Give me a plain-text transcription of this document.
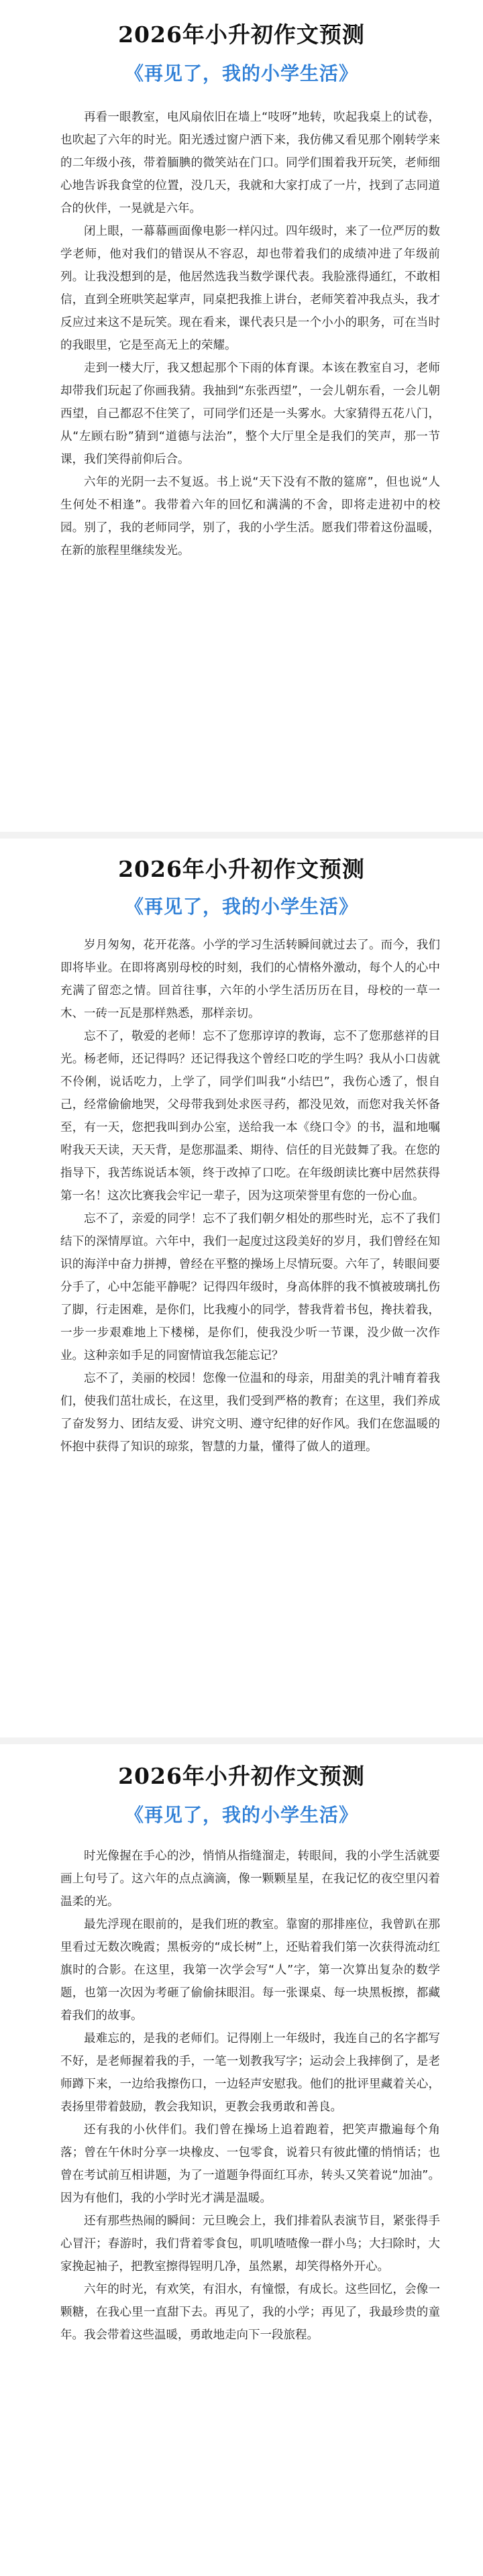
2026年小升初作文预测
《再见了，我的小学生活》

再看一眼教室，电风扇依旧在墙上“吱呀”地转，吹起我桌上的试卷，也吹起了六年的时光。阳光透过窗户洒下来，我仿佛又看见那个刚转学来的二年级小孩，带着腼腆的微笑站在门口。同学们围着我开玩笑，老师细心地告诉我食堂的位置，没几天，我就和大家打成了一片，找到了志同道合的伙伴，一晃就是六年。

闭上眼，一幕幕画面像电影一样闪过。四年级时，来了一位严厉的数学老师，他对我们的错误从不容忍，却也带着我们的成绩冲进了年级前列。让我没想到的是，他居然选我当数学课代表。我脸涨得通红，不敢相信，直到全班哄笑起掌声，同桌把我推上讲台，老师笑着冲我点头，我才反应过来这不是玩笑。现在看来，课代表只是一个小小的职务，可在当时的我眼里，它是至高无上的荣耀。

走到一楼大厅，我又想起那个下雨的体育课。本该在教室自习，老师却带我们玩起了你画我猜。我抽到“东张西望”，一会儿朝东看，一会儿朝西望，自己都忍不住笑了，可同学们还是一头雾水。大家猜得五花八门，从“左顾右盼”猜到“道德与法治”，整个大厅里全是我们的笑声，那一节课，我们笑得前仰后合。

六年的光阴一去不复返。书上说“天下没有不散的筵席”，但也说“人生何处不相逢”。我带着六年的回忆和满满的不舍，即将走进初中的校园。别了，我的老师同学，别了，我的小学生活。愿我们带着这份温暖，在新的旅程里继续发光。

2026年小升初作文预测
《再见了，我的小学生活》

岁月匆匆，花开花落。小学的学习生活转瞬间就过去了。而今，我们即将毕业。在即将离别母校的时刻，我们的心情格外激动，每个人的心中充满了留恋之情。回首往事，六年的小学生活历历在目，母校的一草一木、一砖一瓦是那样熟悉，那样亲切。

忘不了，敬爱的老师！忘不了您那谆谆的教诲，忘不了您那慈祥的目光。杨老师，还记得吗？还记得我这个曾经口吃的学生吗？我从小口齿就不伶俐，说话吃力，上学了，同学们叫我“小结巴”，我伤心透了，恨自己，经常偷偷地哭，父母带我到处求医寻药，都没见效，而您对我关怀备至，有一天，您把我叫到办公室，送给我一本《绕口令》的书，温和地嘱咐我天天读，天天背，是您那温柔、期待、信任的目光鼓舞了我。在您的指导下，我苦练说话本领，终于改掉了口吃。在年级朗读比赛中居然获得第一名！这次比赛我会牢记一辈子，因为这项荣誉里有您的一份心血。

忘不了，亲爱的同学！忘不了我们朝夕相处的那些时光，忘不了我们结下的深情厚谊。六年中，我们一起度过这段美好的岁月，我们曾经在知识的海洋中奋力拼搏，曾经在平整的操场上尽情玩耍。六年了，转眼间要分手了，心中怎能平静呢？记得四年级时，身高体胖的我不慎被玻璃扎伤了脚，行走困难，是你们，比我瘦小的同学，替我背着书包，搀扶着我，一步一步艰难地上下楼梯，是你们，使我没少听一节课，没少做一次作业。这种亲如手足的同窗情谊我怎能忘记？

忘不了，美丽的校园！您像一位温和的母亲，用甜美的乳汁哺育着我们，使我们茁壮成长，在这里，我们受到严格的教育；在这里，我们养成了奋发努力、团结友爱、讲究文明、遵守纪律的好作风。我们在您温暖的怀抱中获得了知识的琼浆，智慧的力量，懂得了做人的道理。

2026年小升初作文预测
《再见了，我的小学生活》

时光像握在手心的沙，悄悄从指缝溜走，转眼间，我的小学生活就要画上句号了。这六年的点点滴滴，像一颗颗星星，在我记忆的夜空里闪着温柔的光。

最先浮现在眼前的，是我们班的教室。靠窗的那排座位，我曾趴在那里看过无数次晚霞；黑板旁的“成长树”上，还贴着我们第一次获得流动红旗时的合影。在这里，我第一次学会写“人”字，第一次算出复杂的数学题，也第一次因为考砸了偷偷抹眼泪。每一张课桌、每一块黑板擦，都藏着我们的故事。

最难忘的，是我的老师们。记得刚上一年级时，我连自己的名字都写不好，是老师握着我的手，一笔一划教我写字；运动会上我摔倒了，是老师蹲下来，一边给我擦伤口，一边轻声安慰我。他们的批评里藏着关心，表扬里带着鼓励，教会我知识，更教会我勇敢和善良。

还有我的小伙伴们。我们曾在操场上追着跑着，把笑声撒遍每个角落；曾在午休时分享一块橡皮、一包零食，说着只有彼此懂的悄悄话；也曾在考试前互相讲题，为了一道题争得面红耳赤，转头又笑着说“加油”。因为有他们，我的小学时光才满是温暖。

还有那些热闹的瞬间：元旦晚会上，我们排着队表演节目，紧张得手心冒汗；春游时，我们背着零食包，叽叽喳喳像一群小鸟；大扫除时，大家挽起袖子，把教室擦得锃明几净，虽然累，却笑得格外开心。

六年的时光，有欢笑，有泪水，有憧憬，有成长。这些回忆，会像一颗糖，在我心里一直甜下去。再见了，我的小学；再见了，我最珍贵的童年。我会带着这些温暖，勇敢地走向下一段旅程。
